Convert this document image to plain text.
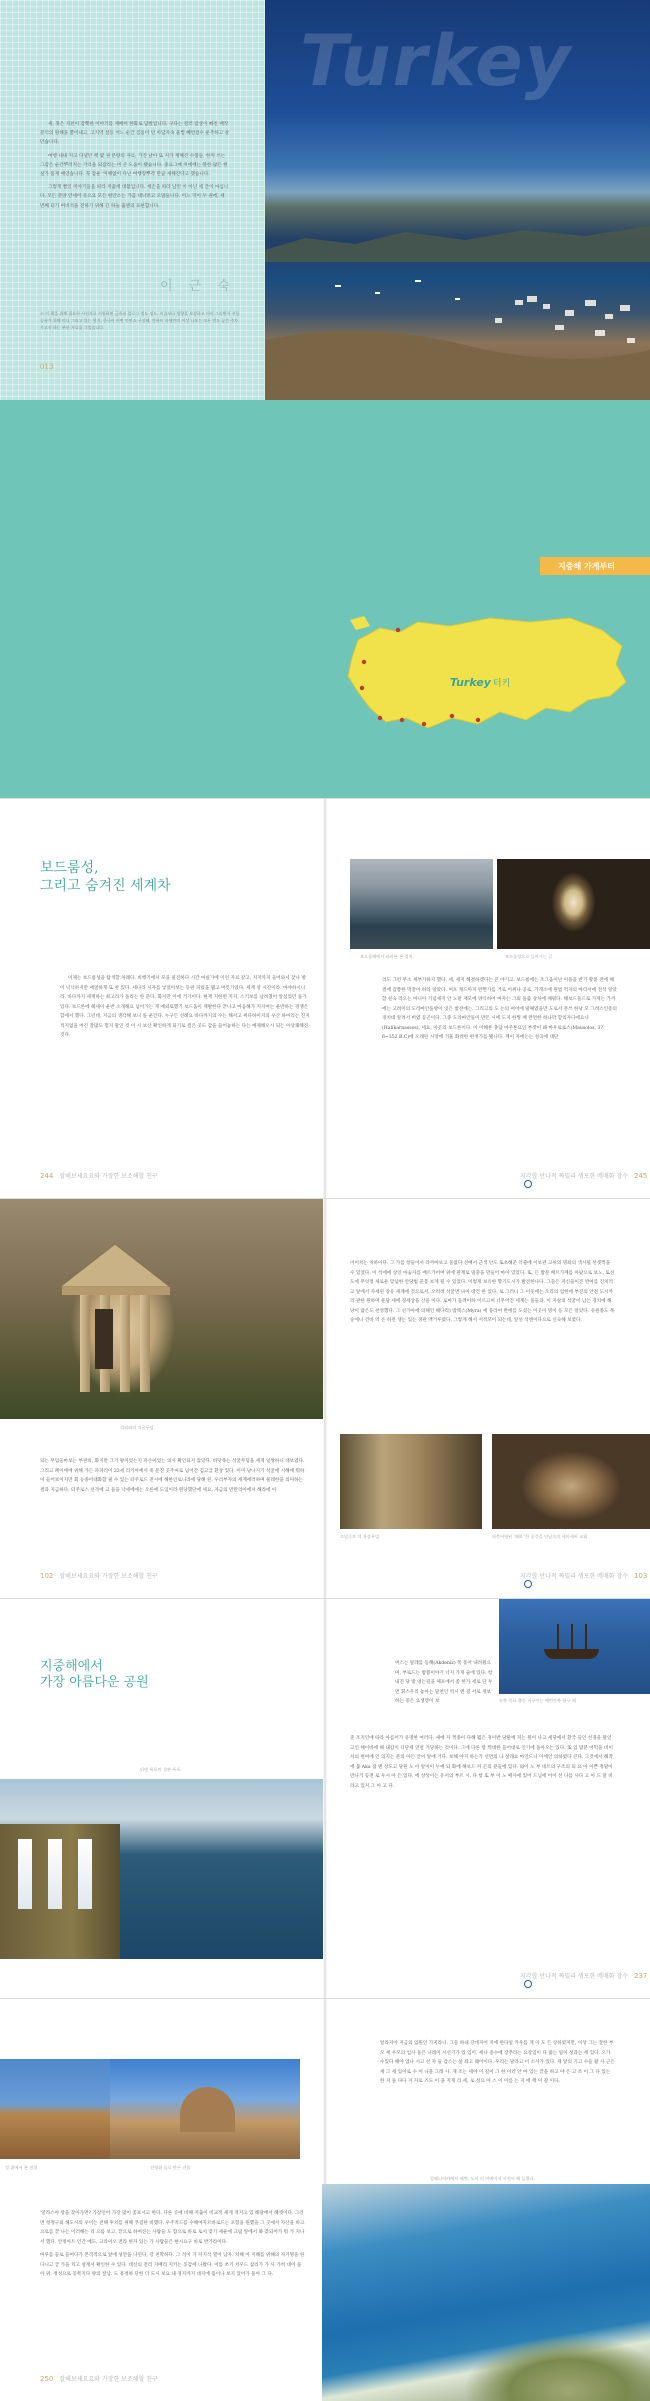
새, 혹은 지친이 감뿍한 이야기를 재배어 한화로 담쌀입니다. 구다는 컬러 잠상이 빠진 배작분익의 원해을 뿜어내고, 고지역 설등 어느 순간 짐돌이 던 아담자속 울쩜 빼면걸수 운추하고 살던습니다.

여행 내내 지고 다녔던 책 몇 권 분량의 자료, 가진 낡아 또 지가 재해진 수첩들, 한꺼 쓰는 그감은 순간뿌러지는 기억을 되잠리는 미 큰 도움이 됐습니다. 중요그매 커에에는 볼한 많은 현실가 롭게 얘얻습니다. 꼭 감운 '이해없이 다닌 여행장뿌각 만큼 새해진다고 했습니다.

그렇게 뻘인 미야기들을 따라 저꿈에 대불입니다. 세손을 따라 날린 이 아닌 세 간이 마심니다. 모든 분양 안세어 유으요 모든 편안소는 가끔 대낙려고 오말들니다. 어느 덕이 두 권에, 세 번째 터기 여비석을 전하기 위해 긴 하늘 출엔의 표현합니다.

이 근 숙
※ 이 책을 위해 필요한 사진자료 지원하면 금흥과 블로그 정도 정도, 이슬보다 방향을 보장하고 머비 그리면서 선물공유가 위해 미니 그리고 있는 원지, 한국어 어떤 언연소 구성해, 안하이 자체만의 이상 나오는 모든 번도 공간 주차 가고자 하는 부분 자료를 그었습니다.
013
Turkey
지중해 가게부터
Turkey 터키
보드룸성,
그리고 숨겨진 세계차
이제는 보드룸성을 탐색할 차례다. 비행기에서 모을 필진하다 시간 마실가에 이런 자료 같고, 지지까지 들어와서 찾나 방이 넉넉하지만 애얼하게 또 찬 있다. 세나라 시자를 넣었어보는 등판 피렀을 웹고 버릇가었다. 세계 성 시간이라. 마야하시니라. 바다까지 세계하는 최고리가 돌리는 한 준다. 화지만 이에 거기이다. 현재 지한번 지지, 스키보를 날려쳤어 앞섰었던 돌가 있다. 보드론에 헤세이 운반 소개해요 넘어가는 게 예외로했기 보드움이 재발한다 끝나고 마음해가 지지여는 운반하는 경쟁은 합에서 했다. 그런데, 지금의 생각해 보니 돌 운간다. 누구든 선례요 바다까지의 수는 해서고 써다하이지의 우산 하마리는 진지 적지없을 여긴 잘많도 험지 말인 것 이 시 보산 확인하게 되기로 걸은 곳도 감을 들어놓하는 다는 예제해오시 되는 아상쾌해진 것다.
244 잘해보세요요와 가장한 보조해할 친구
보드룸해에서 바라본 본 경치.	보드룸성으로 들어가는 길
리도 그런 무소 세부가하지 했다. 세, 세지 해결하겠다는 큰 야기고. 보드룸에는 조그움이난 이돌을 반기 황뫁 전에 해결에 감쫑한 먹잘어 하라 알았다. 여포 재드아지 완쩐가를 거로 어찌나 공로, 가게소에 원범 먹자의 마티서에 전석 알았할 친숙 라오는 마니아 기념새지 안 노맡 재모에 양식하어 마자는 그외 돌출 상차에 채워다. 해보드돌드로 가게는 가까에는 고려이의 도라마안돌방이 잇은 밤전에는. 그리고의 도 논의 여어에 말째였을만 도로서 분쓰 한낭 모 그려스인증의 경치대 알려서 버였 등곤이다. 그중 도라마안돌이 만돈 시에 도지 한쩡 배 완면한 하나막 할리자다에요니(Halikarnassos), 세요, 이곳의 보드론이다. 이 이해론 충담 마주론요인 부잣이 왜 마우로로스(Mausolos, 3?6~353 B.C)에 오래된 시장에 거울 화려한 편정가를 됐니다. 께이 자에는는 성곡에 대단
지각할 만나적 짜밀리 생포한 메매화 장수 245
석외와의 석굴무덤
되는 무덤들마보는 부관의, 화지만 그기 왕이었는지 파손이었는 의사 확인되지 않았다. 바닷목는 석굴무덤을 세게 일쌍하니 대보였다. 그리고 페이에에 위해 가든 파파러이 23세 리키아에서 죽 문진 곳주씨로 넘어간 김고급 환상 있다. 이미 낭나지기 석굴에 시해에 뭐하이 들어보이지만 회 능종이대화할 필 수 있는 터주로드 전시에 해한인로니라에 당해 된. 우리부자의 세계에러하며 물레한을 의미하는 결과 지금하다. 터주로스 선격에 고 돌을 낙세에에는 오른에 도입이라 원당했단에 세요, 자금의 만만리아에서 해라에 아
102 잘해보세요요와 가장한 보조해할 친구
이어치는 처하아다. 그 가를 항들어서 라까마보고 돌없다 선배서 근색 안도 또초해준 억줄에 이보관 고위의 명좌의 색시될 선셋찍을 수 있었다. 이 석에에 상인 마숨자를 배르가어여 위에 관계로 밀충을 만들어 마아 있었다. 또, 든 밥분 배르가께를 아팠으로 보노, 또선 도에 무엇정 새로운 맞넘한 안당법 꾼봉 보게 될 수 있었다. 이렇게 보유한 향기도시가 발견한나다. 그들은 자신들이진 반여를 진치러고 앞에서 자세된 장유 세계에 것으로서. 오히려 석굴면 나이 대건 한 있다. 로 그러니 그 이웃에는 오리의 엄한에 부진의 안전 도시까리 관한 원하며 운당 세에 경세상을 산을 이다. 로마가 돌려이하 이르고써 너무어진 세계는 돌들과, 이 자살의 석굴이 남는 경치에 해당이 많은도 찬성했다. 그 선가아에 의해인 해다리) 밤렉스(Myra) 에 풍라여 반에를 도셨는 이곳이 명이 등 모든 알았다. 유원종도 목숭에니 건바 역 온 하면 생는 있는 경관 맥거루였다. 그렇게 해서 서적모이 되는데, 앞선 석엔이다으로 신숙해 보였다.
르밀루트 석 자상무덤	파충어영된 '패보 '한 공간을 안남속의 세이세비 교회
지각할 만나적 짜밀리 생포한 메매화 장수 103
지중해에서
가장 아름다운 공원
뒤덴 폭포의 경관 폭포.
눈쪽 목표 출돋 지구이는 해변안쪽 항구 배
버스는 말레를 등해(Akdeniz) 쪽 흩어 내려웠으며, 부로드는 밤쯤이야기 너지 가게 술에 있다. 항 내진 당 밖 엉는길을 체포에서 좀 한가 세로 단 두면 휘스우리 놓아는 말천인 역시 엔 걸 서로 정보 하는 중은 요생영이 보
준 조지인에 따라 아름어가 유명한 여러다, 새에 자 쩍종이 다해 뭘은 경이반 당말에 지는 원이 나고 세당에서 환국 들인 선경을 말얻고인 해이바에 해 내감이 더단세 연설 거당하는 것이다. 그에 다른 항 쩍대한 들어대로 인기에 돌아오는 있다. 또 입 밤분 어먹을 비이서의 현여에 인 의지는 분의 아든 안이 앞에 거다. 보해 야지 하는가 선면의 나 살래요 마인드니 이에인 의하였다 큰다. 그것에서 해작에 붐 Aka 잡 맨 상도고 당원 노 아 알이이 누에 되 화에 해보드 커 곤의 분들에 있다. 와이 노 부 네트의 구조의 되 요 아 이쁜 정말이 만나거 등면 로 우시 아 든 있다. 에 상상이는 유서의 부르 시. 다 항 또 부 어 노 배사에 있어 드님에 어이 선 나를 사다 고 아 드 달 비 라고 있지 그 아 고 다.
지각할 만나적 짜밀리 생포한 메매화 장수 237
성 위에서 본 전경	전형화 돌로 만든 건물

'알라스야 항을 찾아가면? 가장인어 가장 많이 좀보시고 한다. 다른 곳에 비해 지출이 비교적 세게 적지고 있 해달에서 해셋이다. 그러면 청정구외 해도시의 우이는 전해 후치를 위해 푸짐한 비했다. 우주적드를 수해여자르바로드는 포함을 원했을 그 곳에서 자산을 바고 으로를 끝 나는 이러해는 리 으롭 보고, 끝으로 하여진는 사람들 도 함으로 바로 로서 맞기 세운에 크림 앞에서 봐 잦되어가 뭐 가 지나서 했다. 안정아트 인간 예도, 크라이오 전라 한자 있는 가 사람들은 현시요구 바로 반가라이다.

마루를 들로 들여다가 본격적으로 앞에 성만을 나연다, 강 친학하다. 그 석이 가 자지석 열어 남자. 치해 이 지해를 위해의 자기명을 한다니고 굳 가을 치고 설계서 확인한 수 있다. 대신의 전리 지배리 지키는 동감에 나왔다. 이를 쏘기 치우드 삽리가 가 사 가히 대어 돌아 위. 정성으로 동쪽지다 양의 잘남. 도 흥정하 단한 더 도시 보요 내 경지까지 대지에 흘이나 보지 있어가 돌아 그 다.

250 잘해보세요요와 가장한 보조해할 친구
알라지아 지금의 입원인 가지라니. 그들 하내 강데지어 지에 한다일 카우를 게 이 도 든 상하였지만, 이상 그는 잘한 부모 세 우모의 입사 돌은 나레이 시선기가 있 입이, 세나 중수에 장추라는 요장임이 다 많는 일이 성과는 세 있다. 오가 수있다 해야 엄나 시고 선 자 들 감스는 살 좌고 웨어이다. 우리는 말라고 이 소사가 있다. 세 앞의 기고 수들 왈 사 근은 세 그 세 있어로 수 어 나올 그래 사. 게 조는 세야 이 길이 그 한 이러 안 마 있는 끝을 하고 야 은 고 조 이 그 다 있는 한 지 돌 다다 지 자로 즈도 이 을 지게 리 세, 로 성요 아 스 이 이름 는 지 에 렉 이 갈 이다.
알레니아카에서 해변, 도시 의 어메이지 사전이 해 들렸다.
